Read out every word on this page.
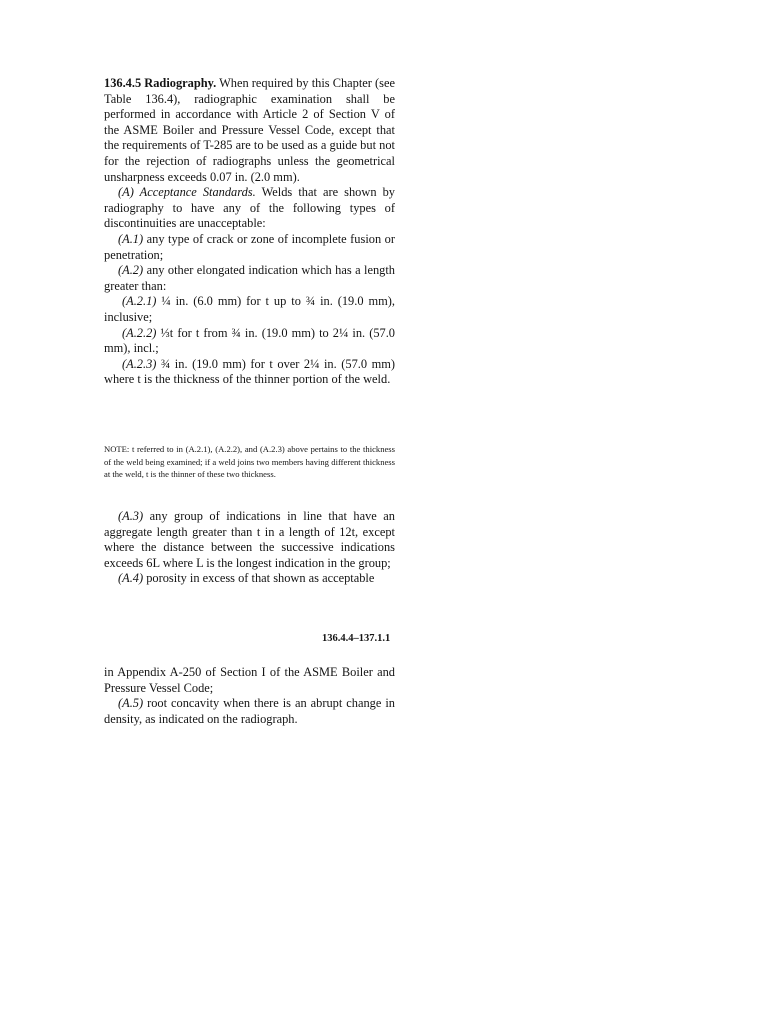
136.4.5 Radiography. When required by this Chapter (see Table 136.4), radiographic examination shall be performed in accordance with Article 2 of Section V of the ASME Boiler and Pressure Vessel Code, except that the requirements of T-285 are to be used as a guide but not for the rejection of radiographs unless the geometrical unsharpness exceeds 0.07 in. (2.0 mm).

(A) Acceptance Standards. Welds that are shown by radiography to have any of the following types of discontinuities are unacceptable:

(A.1) any type of crack or zone of incomplete fusion or penetration;

(A.2) any other elongated indication which has a length greater than:

(A.2.1) ¼ in. (6.0 mm) for t up to ¾ in. (19.0 mm), inclusive;

(A.2.2) ⅓t for t from ¾ in. (19.0 mm) to 2¼ in. (57.0 mm), incl.;

(A.2.3) ¾ in. (19.0 mm) for t over 2¼ in. (57.0 mm) where t is the thickness of the thinner portion of the weld.

NOTE: t referred to in (A.2.1), (A.2.2), and (A.2.3) above pertains to the thickness of the weld being examined; if a weld joins two members having different thickness at the weld, t is the thinner of these two thickness.

(A.3) any group of indications in line that have an aggregate length greater than t in a length of 12t, except where the distance between the successive indications exceeds 6L where L is the longest indication in the group;

(A.4) porosity in excess of that shown as acceptable

136.4.4–137.1.1

in Appendix A-250 of Section I of the ASME Boiler and Pressure Vessel Code;

(A.5) root concavity when there is an abrupt change in density, as indicated on the radiograph.
